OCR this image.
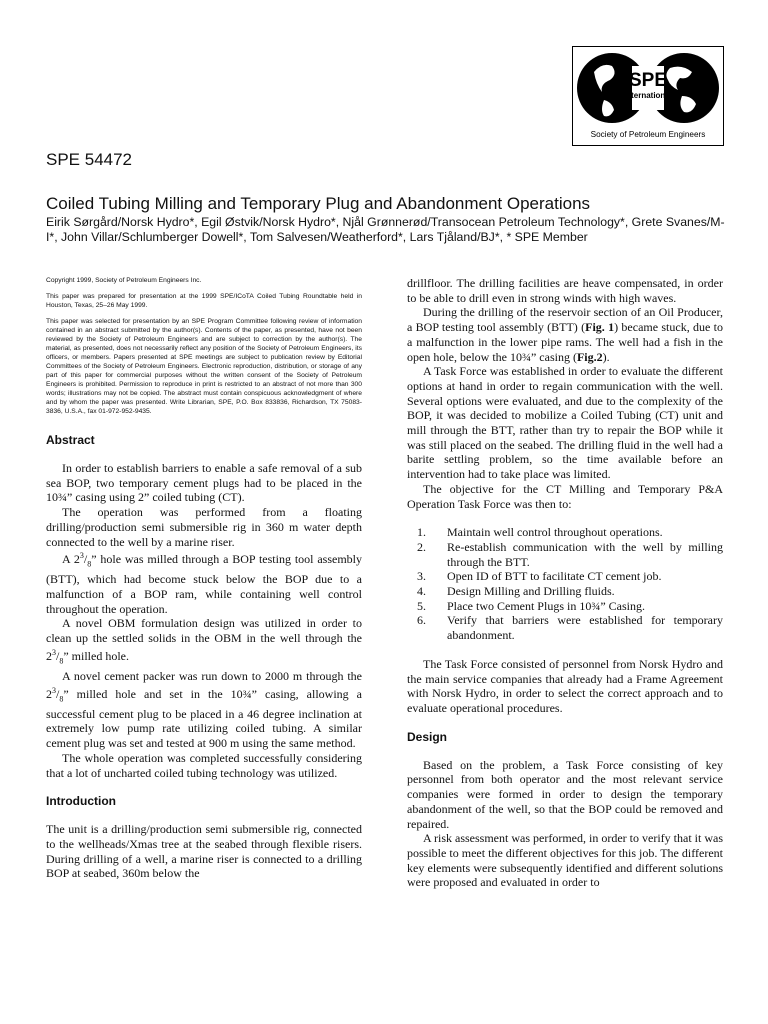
SPE
International
Society of Petroleum Engineers
SPE 54472
Coiled Tubing Milling and Temporary Plug and Abandonment Operations
Eirik Sørgård/Norsk Hydro*, Egil Østvik/Norsk Hydro*, Njål Grønnerød/Transocean Petroleum Technology*, Grete Svanes/M-I*, John Villar/Schlumberger Dowell*, Tom Salvesen/Weatherford*, Lars Tjåland/BJ*, * SPE Member

Copyright 1999, Society of Petroleum Engineers Inc.

This paper was prepared for presentation at the 1999 SPE/ICoTA Coiled Tubing Roundtable held in Houston, Texas, 25–26 May 1999.

This paper was selected for presentation by an SPE Program Committee following review of information contained in an abstract submitted by the author(s). Contents of the paper, as presented, have not been reviewed by the Society of Petroleum Engineers and are subject to correction by the author(s). The material, as presented, does not necessarily reflect any position of the Society of Petroleum Engineers, its officers, or members. Papers presented at SPE meetings are subject to publication review by Editorial Committees of the Society of Petroleum Engineers. Electronic reproduction, distribution, or storage of any part of this paper for commercial purposes without the written consent of the Society of Petroleum Engineers is prohibited. Permission to reproduce in print is restricted to an abstract of not more than 300 words; illustrations may not be copied. The abstract must contain conspicuous acknowledgment of where and by whom the paper was presented. Write Librarian, SPE, P.O. Box 833836, Richardson, TX 75083-3836, U.S.A., fax 01-972-952-9435.

Abstract

In order to establish barriers to enable a safe removal of a sub sea BOP, two temporary cement plugs had to be placed in the 10¾” casing using 2” coiled tubing (CT).

The operation was performed from a floating drilling/production semi submersible rig in 360 m water depth connected to the well by a marine riser.

A $2^3/_8$” hole was milled through a BOP testing tool assembly (BTT), which had become stuck below the BOP due to a malfunction of a BOP ram, while containing well control throughout the operation.

A novel OBM formulation design was utilized in order to clean up the settled solids in the OBM in the well through the $2^3/_8$” milled hole.

A novel cement packer was run down to 2000 m through the $2^3/_8$” milled hole and set in the 10¾” casing, allowing a successful cement plug to be placed in a 46 degree inclination at extremely low pump rate utilizing coiled tubing. A similar cement plug was set and tested at 900 m using the same method.

The whole operation was completed successfully considering that a lot of uncharted coiled tubing technology was utilized.

Introduction

The unit is a drilling/production semi submersible rig, connected to the wellheads/Xmas tree at the seabed through flexible risers. During drilling of a well, a marine riser is connected to a drilling BOP at seabed, 360m below the

drillfloor. The drilling facilities are heave compensated, in order to be able to drill even in strong winds with high waves.

During the drilling of the reservoir section of an Oil Producer, a BOP testing tool assembly (BTT) (Fig. 1) became stuck, due to a malfunction in the lower pipe rams. The well had a fish in the open hole, below the 10¾” casing (Fig.2).

A Task Force was established in order to evaluate the different options at hand in order to regain communication with the well. Several options were evaluated, and due to the complexity of the BOP, it was decided to mobilize a Coiled Tubing (CT) unit and mill through the BTT, rather than try to repair the BOP while it was still placed on the seabed. The drilling fluid in the well had a barite settling problem, so the time available before an intervention had to take place was limited.

The objective for the CT Milling and Temporary P&A Operation Task Force was then to:

1. Maintain well control throughout operations.
2. Re-establish communication with the well by milling through the BTT.
3. Open ID of BTT to facilitate CT cement job.
4. Design Milling and Drilling fluids.
5. Place two Cement Plugs in 10¾” Casing.
6. Verify that barriers were established for temporary abandonment.

The Task Force consisted of personnel from Norsk Hydro and the main service companies that already had a Frame Agreement with Norsk Hydro, in order to select the correct approach and to evaluate operational procedures.

Design

Based on the problem, a Task Force consisting of key personnel from both operator and the most relevant service companies were formed in order to design the temporary abandonment of the well, so that the BOP could be removed and repaired.

A risk assessment was performed, in order to verify that it was possible to meet the different objectives for this job. The different key elements were subsequently identified and different solutions were proposed and evaluated in order to
